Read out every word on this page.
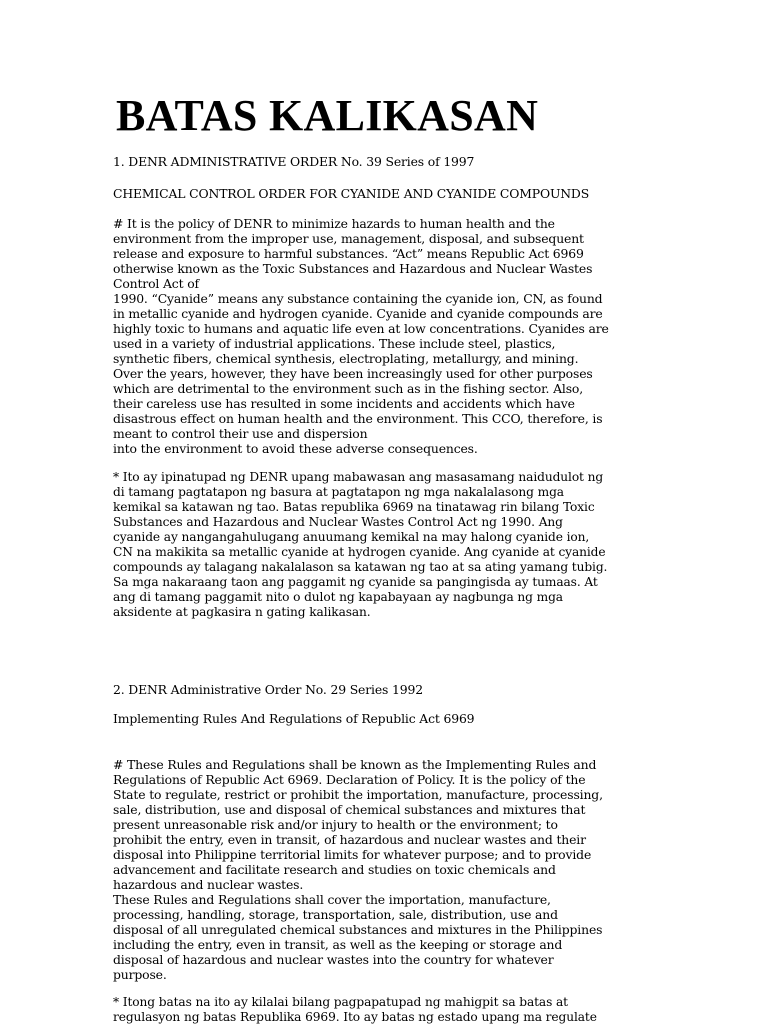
BATAS KALIKASAN

1. DENR ADMINISTRATIVE ORDER No. 39 Series of 1997

CHEMICAL CONTROL ORDER FOR CYANIDE AND CYANIDE COMPOUNDS

# It is the policy of DENR to minimize hazards to human health and the
environment from the improper use, management, disposal, and subsequent
release and exposure to harmful substances. “Act” means Republic Act 6969
otherwise known as the Toxic Substances and Hazardous and Nuclear Wastes
Control Act of
1990. “Cyanide” means any substance containing the cyanide ion, CN, as found
in metallic cyanide and hydrogen cyanide. Cyanide and cyanide compounds are
highly toxic to humans and aquatic life even at low concentrations. Cyanides are
used in a variety of industrial applications. These include steel, plastics,
synthetic fibers, chemical synthesis, electroplating, metallurgy, and mining.
Over the years, however, they have been increasingly used for other purposes
which are detrimental to the environment such as in the fishing sector. Also,
their careless use has resulted in some incidents and accidents which have
disastrous effect on human health and the environment. This CCO, therefore, is
meant to control their use and dispersion
into the environment to avoid these adverse consequences.

* Ito ay ipinatupad ng DENR upang mabawasan ang masasamang naidudulot ng
di tamang pagtatapon ng basura at pagtatapon ng mga nakalalasong mga
kemikal sa katawan ng tao. Batas republika 6969 na tinatawag rin bilang Toxic
Substances and Hazardous and Nuclear Wastes Control Act ng 1990. Ang
cyanide ay nangangahulugang anuumang kemikal na may halong cyanide ion,
CN na makikita sa metallic cyanide at hydrogen cyanide. Ang cyanide at cyanide
compounds ay talagang nakalalason sa katawan ng tao at sa ating yamang tubig.
Sa mga nakaraang taon ang paggamit ng cyanide sa pangingisda ay tumaas. At
ang di tamang paggamit nito o dulot ng kapabayaan ay nagbunga ng mga
aksidente at pagkasira n gating kalikasan.

2. DENR Administrative Order No. 29 Series 1992

Implementing Rules And Regulations of Republic Act 6969

# These Rules and Regulations shall be known as the Implementing Rules and
Regulations of Republic Act 6969. Declaration of Policy. It is the policy of the
State to regulate, restrict or prohibit the importation, manufacture, processing,
sale, distribution, use and disposal of chemical substances and mixtures that
present unreasonable risk and/or injury to health or the environment; to
prohibit the entry, even in transit, of hazardous and nuclear wastes and their
disposal into Philippine territorial limits for whatever purpose; and to provide
advancement and facilitate research and studies on toxic chemicals and
hazardous and nuclear wastes.
These Rules and Regulations shall cover the importation, manufacture,
processing, handling, storage, transportation, sale, distribution, use and
disposal of all unregulated chemical substances and mixtures in the Philippines
including the entry, even in transit, as well as the keeping or storage and
disposal of hazardous and nuclear wastes into the country for whatever
purpose.

* Itong batas na ito ay kilalai bilang pagpapatupad ng mahigpit sa batas at
regulasyon ng batas Republika 6969. Ito ay batas ng estado upang ma regulate
